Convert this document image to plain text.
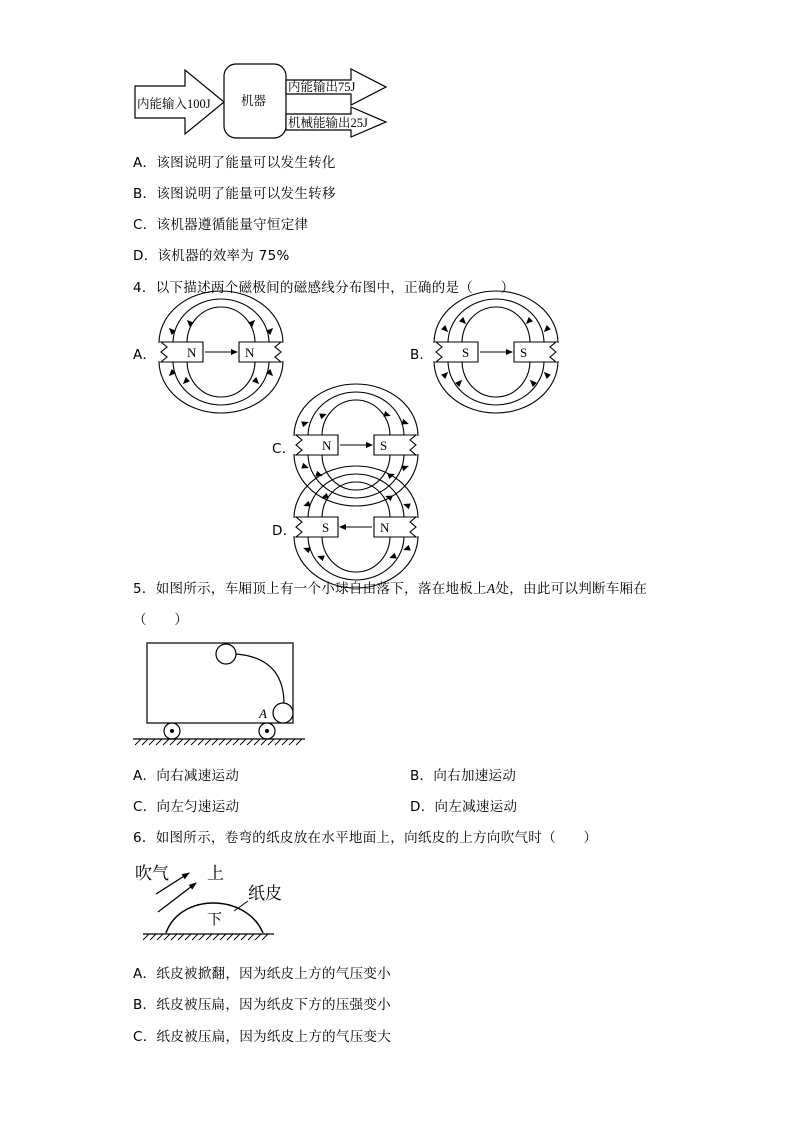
内能输入100J 机器
内能输出75J
机械能输出25J
A．该图说明了能量可以发生转化
B．该图说明了能量可以发生转移
C．该机器遵循能量守恒定律
D．该机器的效率为 75%
4．以下描述两个磁极间的磁感线分布图中，正确的是（　　）
A．	B．
C．
D．
N	N	S	S
N	S
S	N
5．如图所示，车厢顶上有一个小球自由落下，落在地板上A处，由此可以判断车厢在
（　　）
A
A．向右减速运动	B．向右加速运动
C．向左匀速运动	D．向左减速运动
6．如图所示，卷弯的纸皮放在水平地面上，向纸皮的上方向吹气时（　　）
吹气 上
纸皮
下
A．纸皮被掀翻，因为纸皮上方的气压变小
B．纸皮被压扁，因为纸皮下方的压强变小
C．纸皮被压扁，因为纸皮上方的气压变大
